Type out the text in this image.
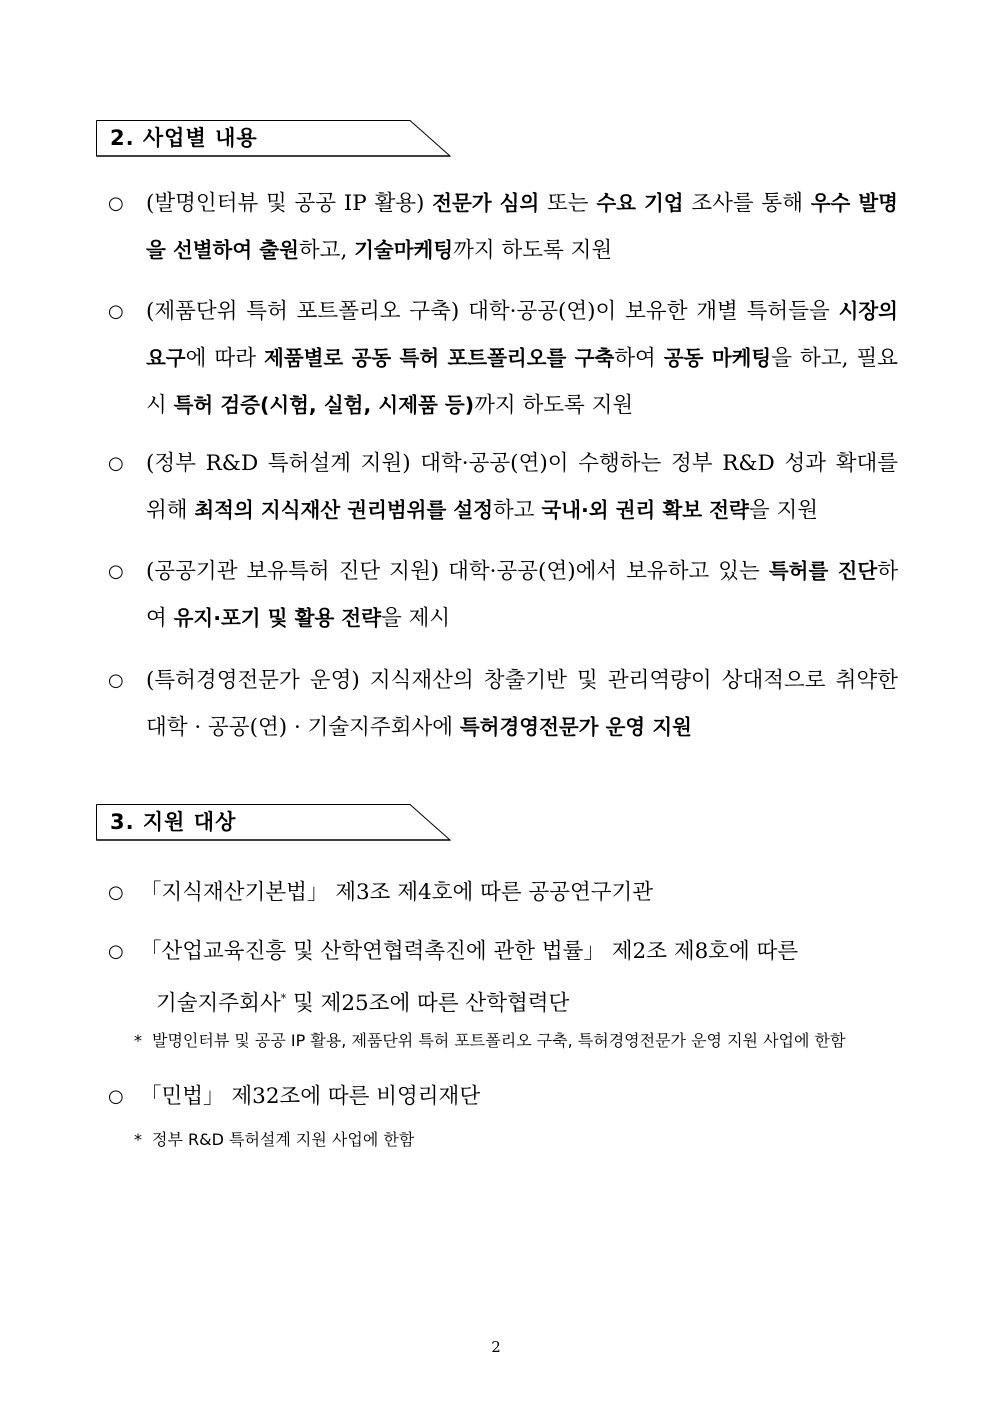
2. 사업별 내용
○	(발명인터뷰 및 공공 IP 활용) 전문가 심의 또는 수요 기업 조사를 통해 우수 발명을 선별하여 출원하고, 기술마케팅까지 하도록 지원
○	(제품단위 특허 포트폴리오 구축) 대학·공공(연)이 보유한 개별 특허들을 시장의 요구에 따라 제품별로 공동 특허 포트폴리오를 구축하여 공동 마케팅을 하고, 필요시 특허 검증(시험, 실험, 시제품 등)까지 하도록 지원
○	(정부 R&D 특허설계 지원) 대학·공공(연)이 수행하는 정부 R&D 성과 확대를 위해 최적의 지식재산 권리범위를 설정하고 국내·외 권리 확보 전략을 지원
○	(공공기관 보유특허 진단 지원) 대학·공공(연)에서 보유하고 있는 특허를 진단하여 유지·포기 및 활용 전략을 제시
○	(특허경영전문가 운영) 지식재산의 창출기반 및 관리역량이 상대적으로 취약한 대학 · 공공(연) · 기술지주회사에 특허경영전문가 운영 지원
3. 지원 대상
○ 「지식재산기본법」 제3조 제4호에 따른 공공연구기관
○ 「산업교육진흥 및 산학연협력촉진에 관한 법률」 제2조 제8호에 따른
기술지주회사* 및 제25조에 따른 산학협력단
* 발명인터뷰 및 공공 IP 활용, 제품단위 특허 포트폴리오 구축, 특허경영전문가 운영 지원 사업에 한함
○ 「민법」 제32조에 따른 비영리재단
* 정부 R&D 특허설계 지원 사업에 한함
2
